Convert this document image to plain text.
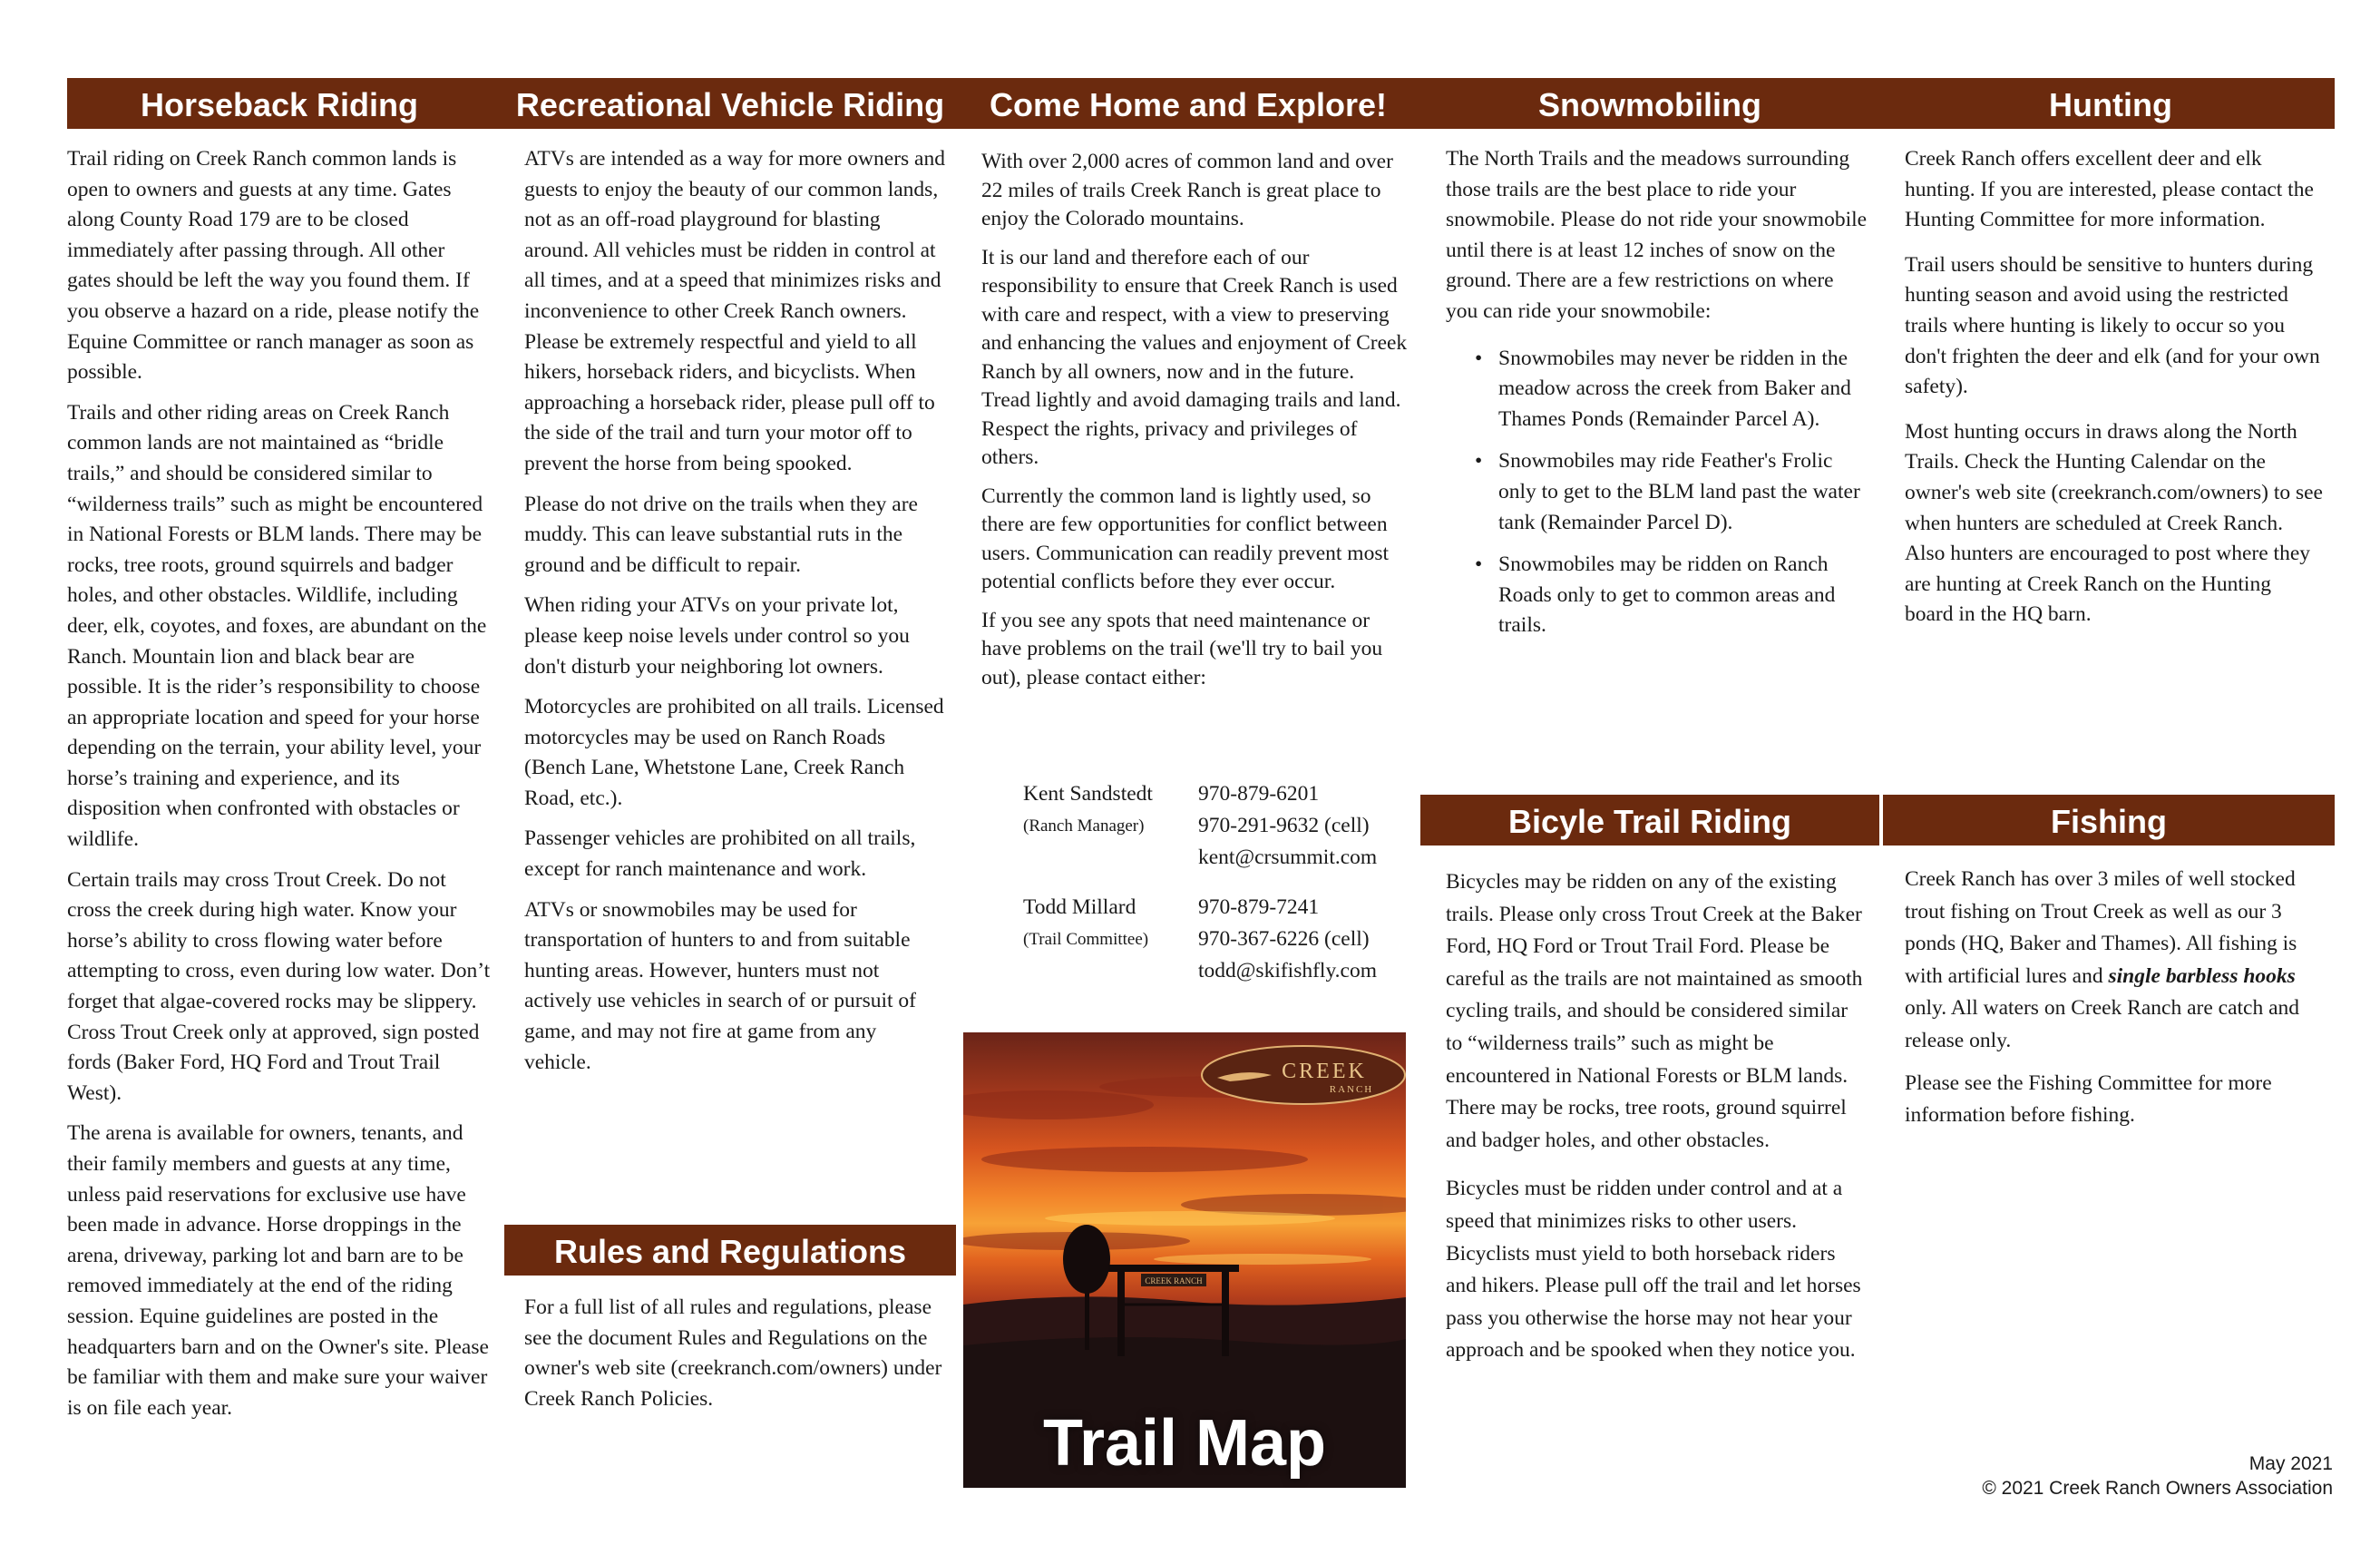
Horseback Riding	Recreational Vehicle Riding	Come Home and Explore!	Snowmobiling	Hunting

Trail riding on Creek Ranch common lands is open to owners and guests at any time. Gates along County Road 179 are to be closed immediately after passing through. All other gates should be left the way you found them. If you observe a hazard on a ride, please notify the Equine Committee or ranch manager as soon as possible.

Trails and other riding areas on Creek Ranch common lands are not maintained as “bridle trails,” and should be considered similar to “wilderness trails” such as might be encountered in National Forests or BLM lands. There may be rocks, tree roots, ground squirrels and badger holes, and other obstacles. Wildlife, including deer, elk, coyotes, and foxes, are abundant on the Ranch. Mountain lion and black bear are possible. It is the rider’s responsibility to choose an appropriate location and speed for your horse depending on the terrain, your ability level, your horse’s training and experience, and its disposition when confronted with obstacles or wildlife.

Certain trails may cross Trout Creek. Do not cross the creek during high water. Know your horse’s ability to cross flowing water before attempting to cross, even during low water. Don’t forget that algae-covered rocks may be slippery. Cross Trout Creek only at approved, sign posted fords (Baker Ford, HQ Ford and Trout Trail West).

The arena is available for owners, tenants, and their family members and guests at any time, unless paid reservations for exclusive use have been made in advance. Horse droppings in the arena, driveway, parking lot and barn are to be removed immediately at the end of the riding session. Equine guidelines are posted in the headquarters barn and on the Owner's site. Please be familiar with them and make sure your waiver is on file each year.

ATVs are intended as a way for more owners and guests to enjoy the beauty of our common lands, not as an off-road playground for blasting around. All vehicles must be ridden in control at all times, and at a speed that minimizes risks and inconvenience to other Creek Ranch owners. Please be extremely respectful and yield to all hikers, horseback riders, and bicyclists. When approaching a horseback rider, please pull off to the side of the trail and turn your motor off to prevent the horse from being spooked.

Please do not drive on the trails when they are muddy. This can leave substantial ruts in the ground and be difficult to repair.

When riding your ATVs on your private lot, please keep noise levels under control so you don't disturb your neighboring lot owners.

Motorcycles are prohibited on all trails. Licensed motorcycles may be used on Ranch Roads (Bench Lane, Whetstone Lane, Creek Ranch Road, etc.).

Passenger vehicles are prohibited on all trails, except for ranch maintenance and work.

ATVs or snowmobiles may be used for transportation of hunters to and from suitable hunting areas. However, hunters must not actively use vehicles in search of or pursuit of game, and may not fire at game from any vehicle.

Rules and Regulations

For a full list of all rules and regulations, please see the document Rules and Regulations on the owner's web site (creekranch.com/owners) under Creek Ranch Policies.

With over 2,000 acres of common land and over 22 miles of trails Creek Ranch is great place to enjoy the Colorado mountains.

It is our land and therefore each of our responsibility to ensure that Creek Ranch is used with care and respect, with a view to preserving and enhancing the values and enjoyment of Creek Ranch by all owners, now and in the future. Tread lightly and avoid damaging trails and land. Respect the rights, privacy and privileges of others.

Currently the common land is lightly used, so there are few opportunities for conflict between users. Communication can readily prevent most potential conflicts before they ever occur.

If you see any spots that need maintenance or have problems on the trail (we'll try to bail you out), please contact either:

Kent Sandstedt	970-879-6201
(Ranch Manager)	970-291-9632 (cell)
kent@crsummit.com
Todd Millard	970-879-7241
(Trail Committee)	970-367-6226 (cell)
todd@skifishfly.com
CREEK RANCH
CREEK
RANCH
Trail Map

The North Trails and the meadows surrounding those trails are the best place to ride your snowmobile. Please do not ride your snowmobile until there is at least 12 inches of snow on the ground. There are a few restrictions on where you can ride your snowmobile:

• Snowmobiles may never be ridden in the meadow across the creek from Baker and Thames Ponds (Remainder Parcel A).
• Snowmobiles may ride Feather's Frolic only to get to the BLM land past the water tank (Remainder Parcel D).
• Snowmobiles may be ridden on Ranch Roads only to get to common areas and trails.
Bicyle Trail Riding

Bicycles may be ridden on any of the existing trails. Please only cross Trout Creek at the Baker Ford, HQ Ford or Trout Trail Ford. Please be careful as the trails are not maintained as smooth cycling trails, and should be considered similar to “wilderness trails” such as might be encountered in National Forests or BLM lands. There may be rocks, tree roots, ground squirrel and badger holes, and other obstacles.

Bicycles must be ridden under control and at a speed that minimizes risks to other users. Bicyclists must yield to both horseback riders and hikers. Please pull off the trail and let horses pass you otherwise the horse may not hear your approach and be spooked when they notice you.

Creek Ranch offers excellent deer and elk hunting. If you are interested, please contact the Hunting Committee for more information.

Trail users should be sensitive to hunters during hunting season and avoid using the restricted trails where hunting is likely to occur so you don't frighten the deer and elk (and for your own safety).

Most hunting occurs in draws along the North Trails. Check the Hunting Calendar on the owner's web site (creekranch.com/owners) to see when hunters are scheduled at Creek Ranch. Also hunters are encouraged to post where they are hunting at Creek Ranch on the Hunting board in the HQ barn.

Fishing

Creek Ranch has over 3 miles of well stocked trout fishing on Trout Creek as well as our 3 ponds (HQ, Baker and Thames). All fishing is with artificial lures and single barbless hooks only. All waters on Creek Ranch are catch and release only.

Please see the Fishing Committee for more information before fishing.

May 2021
© 2021 Creek Ranch Owners Association
